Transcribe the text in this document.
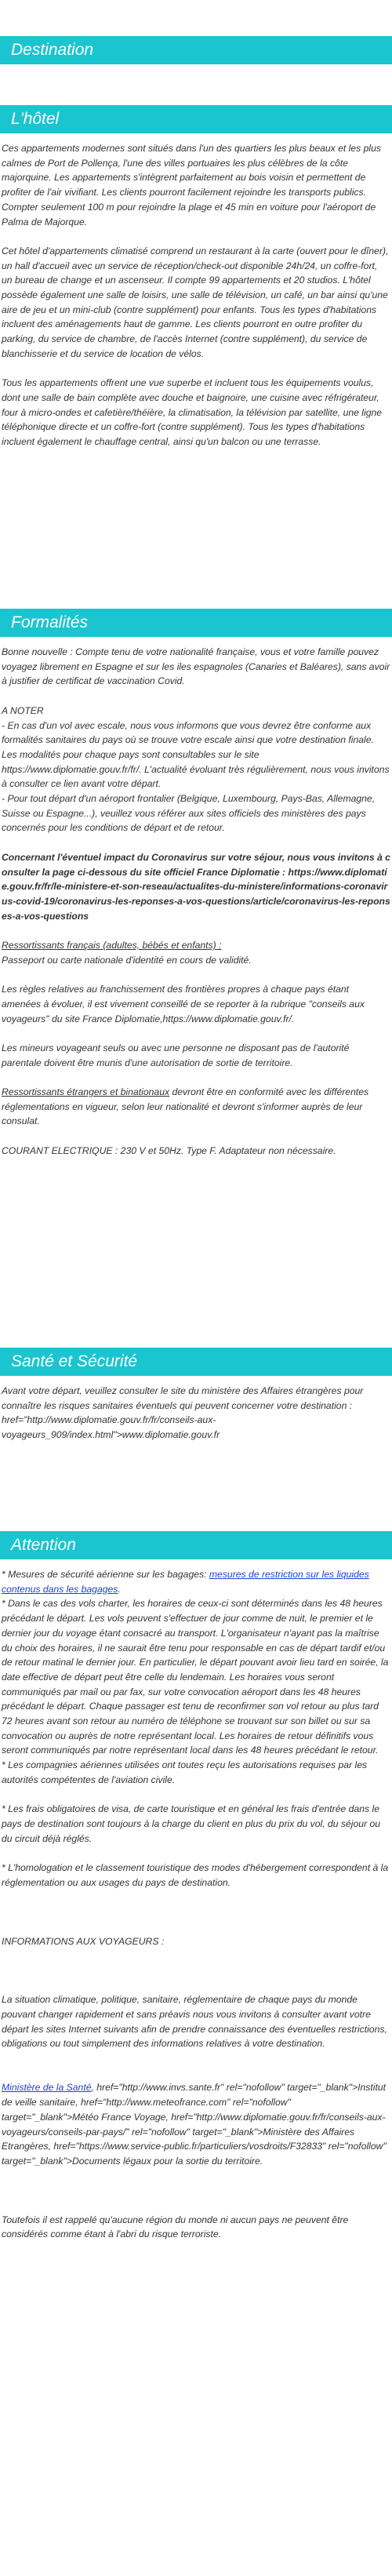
Destination
L'hôtel

Ces appartements modernes sont situés dans l'un des quartiers les plus beaux et les plus calmes de Port de Pollença, l'une des villes portuaires les plus célèbres de la côte majorquine. Les appartements s'intègrent parfaitement au bois voisin et permettent de profiter de l'air vivifiant. Les clients pourront facilement rejoindre les transports publics. Compter seulement 100 m pour rejoindre la plage et 45 min en voiture pour l'aéroport de Palma de Majorque.

Cet hôtel d'appartements climatisé comprend un restaurant à la carte (ouvert pour le dîner), un hall d'accueil avec un service de réception/check-out disponible 24h/24, un coffre-fort, un bureau de change et un ascenseur. Il compte 99 appartements et 20 studios. L'hôtel possède également une salle de loisirs, une salle de télévision, un café, un bar ainsi qu'une aire de jeu et un mini-club (contre supplément) pour enfants. Tous les types d'habitations incluent des aménagements haut de gamme. Les clients pourront en outre profiter du parking, du service de chambre, de l'accès Internet (contre supplément), du service de blanchisserie et du service de location de vélos.

Tous les appartements offrent une vue superbe et incluent tous les équipements voulus, dont une salle de bain complète avec douche et baignoire, une cuisine avec réfrigérateur, four à micro-ondes et cafetière/théière, la climatisation, la télévision par satellite, une ligne téléphonique directe et un coffre-fort (contre supplément). Tous les types d'habitations incluent également le chauffage central, ainsi qu'un balcon ou une terrasse.

Formalités

Bonne nouvelle : Compte tenu de votre nationalité française, vous et votre famille pouvez voyagez librement en Espagne et sur les iles espagnoles (Canaries et Baléares), sans avoir à justifier de certificat de vaccination Covid.

A NOTER

- En cas d'un vol avec escale, nous vous informons que vous devrez être conforme aux formalités sanitaires du pays où se trouve votre escale ainsi que votre destination finale.

Les modalités pour chaque pays sont consultables sur le site https://www.diplomatie.gouv.fr/fr/. L'actualité évoluant très régulièrement, nous vous invitons à consulter ce lien avant votre départ.

- Pour tout départ d'un aéroport frontalier (Belgique, Luxembourg, Pays-Bas, Allemagne, Suisse ou Espagne...), veuillez vous référer aux sites officiels des ministères des pays concernés pour les conditions de départ et de retour.

Concernant l'éventuel impact du Coronavirus sur votre séjour, nous vous invitons à consulter la page ci-dessous du site officiel France Diplomatie : https://www.diplomatie.gouv.fr/fr/le-ministere-et-son-reseau/actualites-du-ministere/informations-coronavirus-covid-19/coronavirus-les-reponses-a-vos-questions/article/coronavirus-les-reponses-a-vos-questions

Ressortissants français (adultes, bébés et enfants) :

Passeport ou carte nationale d'identité en cours de validité.

Les règles relatives au franchissement des frontières propres à chaque pays étant amenées à évoluer, il est vivement conseillé de se reporter à la rubrique "conseils aux voyageurs" du site France Diplomatie,https://www.diplomatie.gouv.fr/.

Les mineurs voyageant seuls ou avec une personne ne disposant pas de l'autorité parentale doivent être munis d'une autorisation de sortie de territoire.

Ressortissants étrangers et binationaux devront être en conformité avec les différentes réglementations en vigueur, selon leur nationalité et devront s'informer auprès de leur consulat.

COURANT ELECTRIQUE : 230 V et 50Hz. Type F. Adaptateur non nécessaire.

Santé et Sécurité

Avant votre départ, veuillez consulter le site du ministère des Affaires étrangères pour connaître les risques sanitaires éventuels qui peuvent concerner votre destination : href="http://www.diplomatie.gouv.fr/fr/conseils-aux-voyageurs_909/index.html">www.diplomatie.gouv.fr

Attention

* Mesures de sécurité aérienne sur les bagages: mesures de restriction sur les liquides contenus dans les bagages.

* Dans le cas des vols charter, les horaires de ceux-ci sont déterminés dans les 48 heures précédant le départ. Les vols peuvent s'effectuer de jour comme de nuit, le premier et le dernier jour du voyage étant consacré au transport. L'organisateur n'ayant pas la maîtrise du choix des horaires, il ne saurait être tenu pour responsable en cas de départ tardif et/ou de retour matinal le dernier jour. En particulier, le départ pouvant avoir lieu tard en soirée, la date effective de départ peut être celle du lendemain. Les horaires vous seront communiqués par mail ou par fax, sur votre convocation aéroport dans les 48 heures précédant le départ. Chaque passager est tenu de reconfirmer son vol retour au plus tard 72 heures avant son retour au numéro de téléphone se trouvant sur son billet ou sur sa convocation ou auprès de notre représentant local. Les horaires de retour définitifs vous seront communiqués par notre représentant local dans les 48 heures précédant le retour.

* Les compagnies aériennes utilisées ont toutes reçu les autorisations requises par les autorités compétentes de l'aviation civile.

* Les frais obligatoires de visa, de carte touristique et en général les frais d'entrée dans le pays de destination sont toujours à la charge du client en plus du prix du vol, du séjour ou du circuit déjà réglés.

* L'homologation et le classement touristique des modes d'hébergement correspondent à la réglementation ou aux usages du pays de destination.

INFORMATIONS AUX VOYAGEURS :

La situation climatique, politique, sanitaire, réglementaire de chaque pays du monde pouvant changer rapidement et sans préavis nous vous invitons à consulter avant votre départ les sites Internet suivants afin de prendre connaissance des éventuelles restrictions, obligations ou tout simplement des informations relatives à votre destination.

Ministère de la Santé, href="http://www.invs.sante.fr" rel="nofollow" target="_blank">Institut de veille sanitaire, href="http://www.meteofrance.com" rel="nofollow" target="_blank">Météo France Voyage, href="http://www.diplomatie.gouv.fr/fr/conseils-aux-voyageurs/conseils-par-pays/" rel="nofollow" target="_blank">Ministère des Affaires Etrangères, href="https://www.service-public.fr/particuliers/vosdroits/F32833" rel="nofollow" target="_blank">Documents légaux pour la sortie du territoire.

Toutefois il est rappelé qu'aucune région du monde ni aucun pays ne peuvent être considérés comme étant à l'abri du risque terroriste.
